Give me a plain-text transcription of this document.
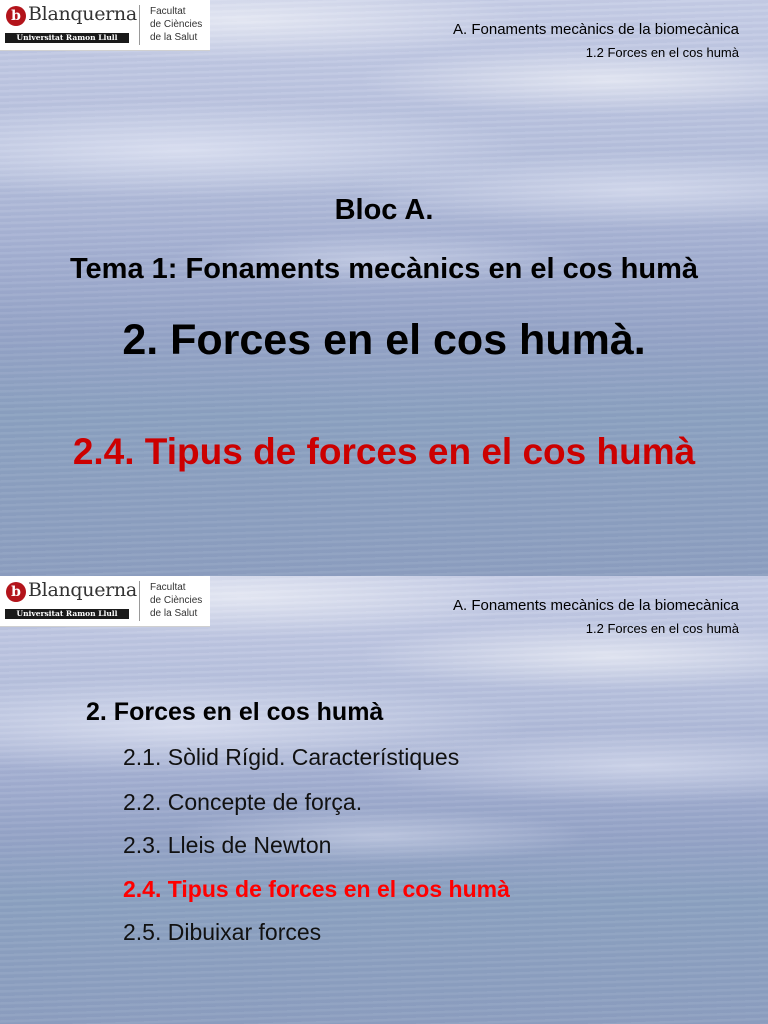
b Blanquerna
Universitat Ramon Llull
Facultat
de Ciències
de la Salut	A. Fonaments mecànics de la biomecànica
1.2 Forces en el cos humà
Bloc A.
Tema 1: Fonaments mecànics en el cos humà
2. Forces en el cos humà.
2.4. Tipus de forces en el cos humà
b Blanquerna
Universitat Ramon Llull
Facultat
de Ciències
de la Salut	A. Fonaments mecànics de la biomecànica
1.2 Forces en el cos humà
2. Forces en el cos humà
2.1. Sòlid Rígid. Característiques
2.2. Concepte de força.
2.3. Lleis de Newton
2.4. Tipus de forces en el cos humà
2.5. Dibuixar forces
